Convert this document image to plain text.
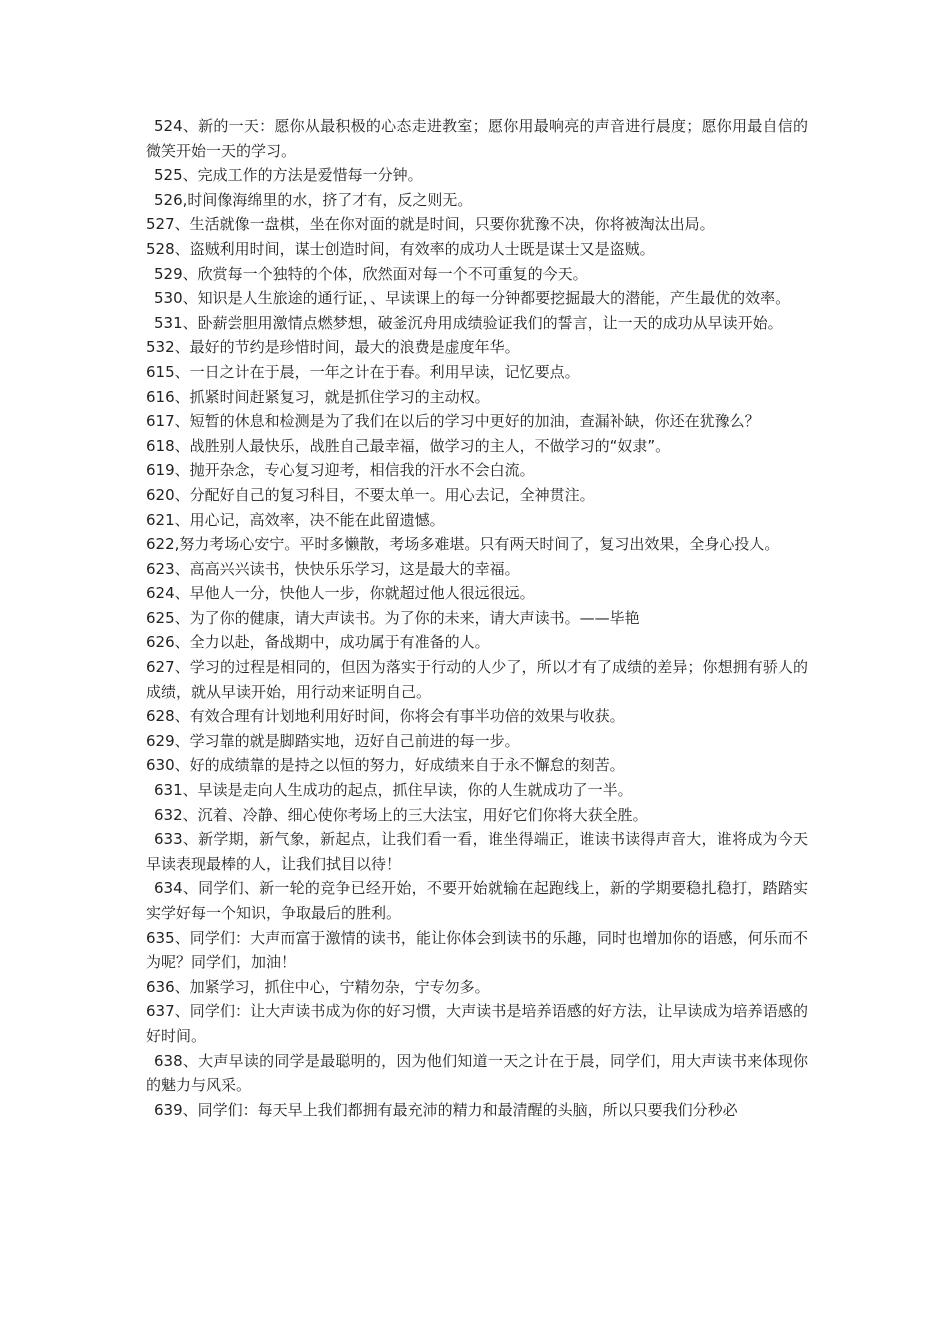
524、新的一天：愿你从最积极的心态走进教室；愿你用最响亮的声音进行晨度；愿你用最自信的微笑开始一天的学习。

525、完成工作的方法是爱惜每一分钟。

526,时间像海绵里的水，挤了才有，反之则无。

527、生活就像一盘棋，坐在你对面的就是时间，只要你犹豫不决，你将被淘汰出局。

528、盗贼利用时间，谋士创造时间，有效率的成功人士既是谋士又是盗贼。

529、欣赏每一个独特的个体，欣然面对每一个不可重复的今天。

530、知识是人生旅途的通行证，、早读课上的每一分钟都要挖掘最大的潜能，产生最优的效率。

531、卧薪尝胆用激情点燃梦想，破釜沉舟用成绩验证我们的誓言，让一天的成功从早读开始。

532、最好的节约是珍惜时间，最大的浪费是虚度年华。

615、一日之计在于晨，一年之计在于春。利用早读，记忆要点。

616、抓紧时间赶紧复习，就是抓住学习的主动权。

617、短暂的休息和检测是为了我们在以后的学习中更好的加油，查漏补缺，你还在犹豫么？

618、战胜别人最快乐，战胜自己最幸福，做学习的主人，不做学习的“奴隶”。

619、抛开杂念，专心复习迎考，相信我的汗水不会白流。

620、分配好自己的复习科目，不要太单一。用心去记，全神贯注。

621、用心记，高效率，决不能在此留遗憾。

622,努力考场心安宁。平时多懒散，考场多难堪。只有两天时间了，复习出效果，全身心投人。

623、高高兴兴读书，快快乐乐学习，这是最大的幸福。

624、早他人一分，快他人一步，你就超过他人很远很远。

625、为了你的健康，请大声读书。为了你的未来，请大声读书。——毕艳

626、全力以赴，备战期中，成功属于有准备的人。

627、学习的过程是相同的，但因为落实于行动的人少了，所以才有了成绩的差异；你想拥有骄人的成绩，就从早读开始，用行动来证明自己。

628、有效合理有计划地利用好时间，你将会有事半功倍的效果与收获。

629、学习靠的就是脚踏实地，迈好自己前进的每一步。

630、好的成绩靠的是持之以恒的努力，好成绩来自于永不懈怠的刻苦。

631、早读是走向人生成功的起点，抓住早读，你的人生就成功了一半。

632、沉着、冷静、细心使你考场上的三大法宝，用好它们你将大获全胜。

633、新学期，新气象，新起点，让我们看一看，谁坐得端正，谁读书读得声音大，谁将成为今天早读表现最棒的人，让我们拭目以待！

634、同学们、新一轮的竞争已经开始，不要开始就输在起跑线上，新的学期要稳扎稳打，踏踏实实学好每一个知识，争取最后的胜利。

635、同学们：大声而富于激情的读书，能让你体会到读书的乐趣，同时也增加你的语感，何乐而不为呢？同学们，加油！

636、加紧学习，抓住中心，宁精勿杂，宁专勿多。

637、同学们：让大声读书成为你的好习惯，大声读书是培养语感的好方法，让早读成为培养语感的好时间。

638、大声早读的同学是最聪明的，因为他们知道一天之计在于晨，同学们，用大声读书来体现你的魅力与风采。

639、同学们：每天早上我们都拥有最充沛的精力和最清醒的头脑，所以只要我们分秒必
